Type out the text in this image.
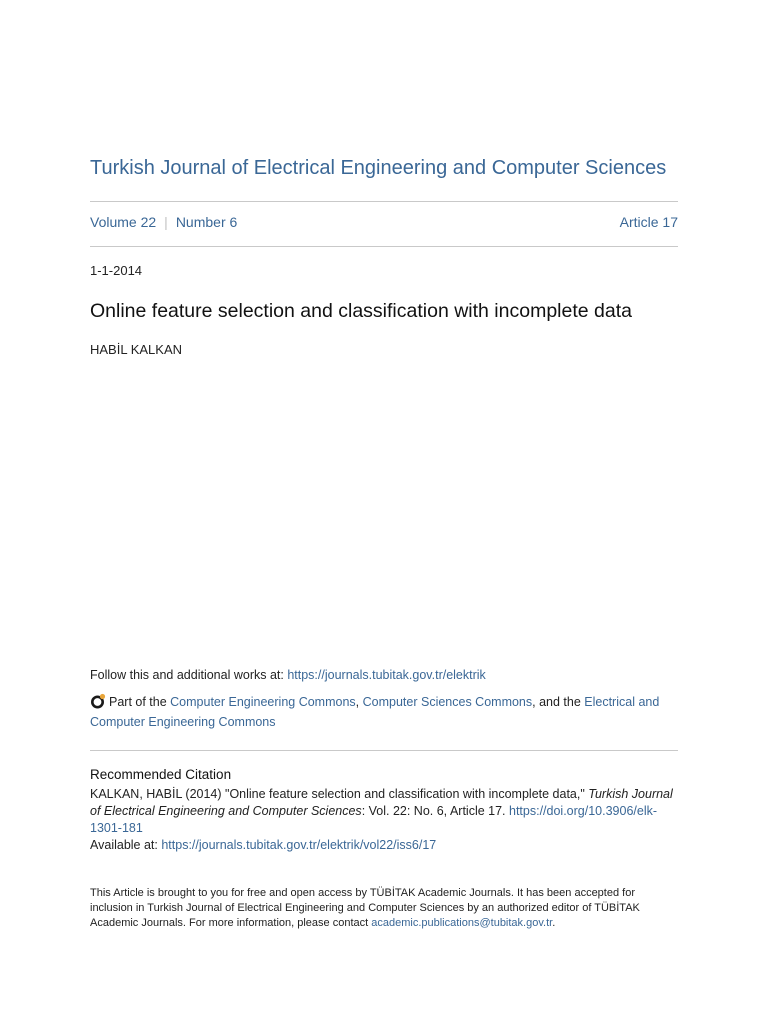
Turkish Journal of Electrical Engineering and Computer Sciences
Volume 22 | Number 6	Article 17
1-1-2014
Online feature selection and classification with incomplete data
HABİL KALKAN
Follow this and additional works at: https://journals.tubitak.gov.tr/elektrik
Part of the Computer Engineering Commons, Computer Sciences Commons, and the Electrical and Computer Engineering Commons
Recommended Citation
KALKAN, HABİL (2014) "Online feature selection and classification with incomplete data," Turkish Journal of Electrical Engineering and Computer Sciences: Vol. 22: No. 6, Article 17. https://doi.org/10.3906/elk-1301-181
Available at: https://journals.tubitak.gov.tr/elektrik/vol22/iss6/17
This Article is brought to you for free and open access by TÜBİTAK Academic Journals. It has been accepted for inclusion in Turkish Journal of Electrical Engineering and Computer Sciences by an authorized editor of TÜBİTAK Academic Journals. For more information, please contact academic.publications@tubitak.gov.tr.
